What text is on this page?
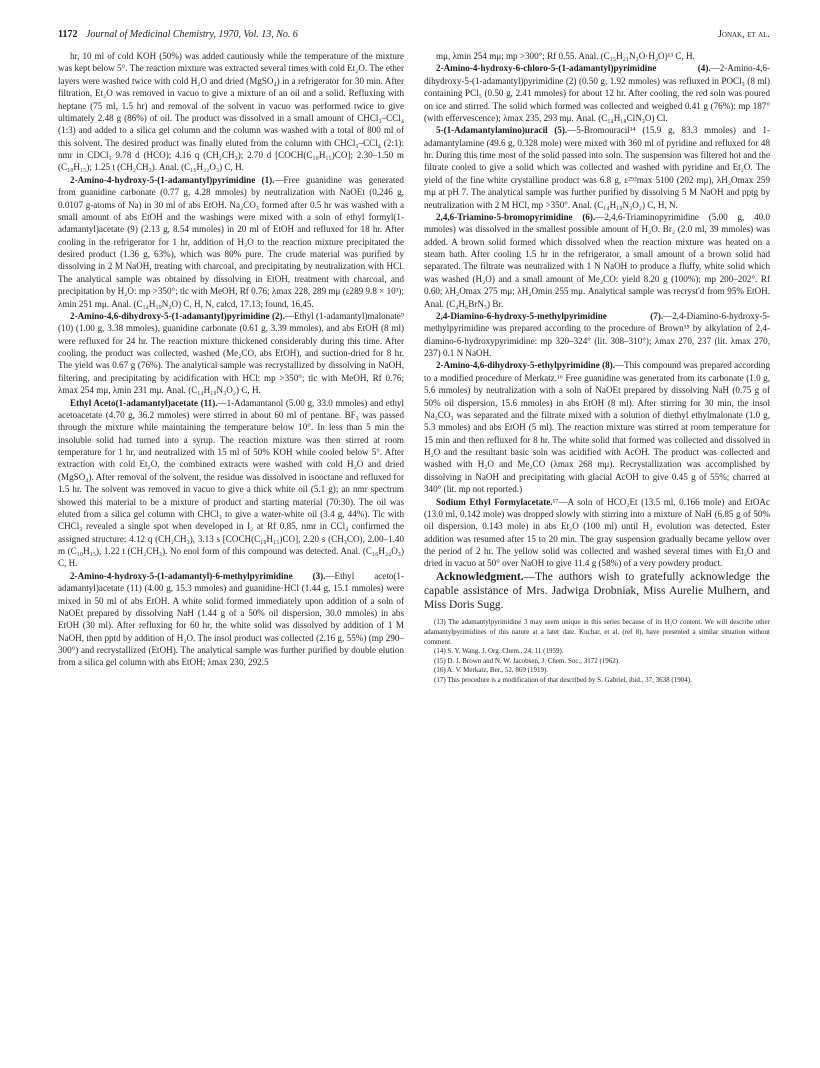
1172 Journal of Medicinal Chemistry, 1970, Vol. 13, No. 6	Jonak, et al.

hr, 10 ml of cold KOH (50%) was added cautiously while the temperature of the mixture was kept below 5°. The reaction mixture was extracted several times with cold Et₂O. The ether layers were washed twice with cold H₂O and dried (MgSO₄) in a refrigerator for 30 min. After filtration, Et₂O was removed in vacuo to give a mixture of an oil and a solid. Refluxing with heptane (75 ml, 1.5 hr) and removal of the solvent in vacuo was performed twice to give ultimately 2.48 g (86%) of oil. The product was dissolved in a small amount of CHCl₃–CCl₄ (1:3) and added to a silica gel column and the column was washed with a total of 800 ml of this solvent. The desired product was finally eluted from the column with CHCl₃–CCl₄ (2:1): nmr in CDCl₃ 9.78 d (HCO); 4.16 q (CH₂CH₃); 2.70 d [COCH(C₁₀H₁₅)CO]; 2.30–1.50 m (C₁₀H₁₅); 1.25 t (CH₂CH₃). Anal. (C₁₅H₂₂O₃) C, H.

2-Amino-4-hydroxy-5-(1-adamantyl)pyrimidine (1).—Free guanidine was generated from guanidine carbonate (0.77 g, 4.28 mmoles) by neutralization with NaOEt (0.246 g, 0.0107 g-atoms of Na) in 30 ml of abs EtOH. Na₂CO₃ formed after 0.5 hr was washed with a small amount of abs EtOH and the washings were mixed with a soln of ethyl formyl(1-adamantyl)acetate (9) (2.13 g, 8.54 mmoles) in 20 ml of EtOH and refluxed for 18 hr. After cooling in the refrigerator for 1 hr, addition of H₂O to the reaction mixture precipitated the desired product (1.36 g, 63%), which was 80% pure. The crude material was purified by dissolving in 2 M NaOH, treating with charcoal, and precipitating by neutralization with HCl. The analytical sample was obtained by dissolving in EtOH, treatment with charcoal, and precipitation by H₂O: mp >350°; tlc with MeOH, Rf 0.76; λmax 228, 289 mμ (ε289 9.8 × 10³); λmin 251 mμ. Anal. (C₁₄H₁₉N₃O) C, H, N, calcd, 17.13; found, 16.45.

2-Amino-4,6-dihydroxy-5-(1-adamantyl)pyrimidine (2).—Ethyl (1-adamantyl)malonate⁹ (10) (1.00 g, 3.38 mmoles), guanidine carbonate (0.61 g, 3.39 mmoles), and abs EtOH (8 ml) were refluxed for 24 hr. The reaction mixture thickened considerably during this time. After cooling, the product was collected, washed (Me₂CO, abs EtOH), and suction-dried for 8 hr. The yield was 0.67 g (76%). The analytical sample was recrystallized by dissolving in NaOH, filtering, and precipitating by acidification with HCl: mp >350°; tlc with MeOH, Rf 0.76; λmax 254 mμ, λmin 231 mμ. Anal. (C₁₄H₁₉N₃O₂) C, H.

Ethyl Aceto(1-adamantyl)acetate (11).—1-Adamantanol (5.00 g, 33.0 mmoles) and ethyl acetoacetate (4.70 g, 36.2 mmoles) were stirred in about 60 ml of pentane. BF₃ was passed through the mixture while maintaining the temperature below 10°. In less than 5 min the insoluble solid had turned into a syrup. The reaction mixture was then stirred at room temperature for 1 hr, and neutralized with 15 ml of 50% KOH while cooled below 5°. After extraction with cold Et₂O, the combined extracts were washed with cold H₂O and dried (MgSO₄). After removal of the solvent, the residue was dissolved in isooctane and refluxed for 1.5 hr. The solvent was removed in vacuo to give a thick white oil (5.1 g); an nmr spectrum showed this material to be a mixture of product and starting material (70:30). The oil was eluted from a silica gel column with CHCl₃ to give a water-white oil (3.4 g, 44%). Tlc with CHCl₃ revealed a single spot when developed in I₂ at Rf 0.85, nmr in CCl₄ confirmed the assigned structure: 4.12 q (CH₂CH₃), 3.13 s [COCH(C₁₀H₁₅)CO], 2.20 s (CH₃CO), 2.00–1.40 m (C₁₀H₁₅), 1.22 t (CH₂CH₃). No enol form of this compound was detected. Anal. (C₁₆H₂₄O₃) C, H.

2-Amino-4-hydroxy-5-(1-adamantyl)-6-methylpyrimidine (3).—Ethyl aceto(1-adamantyl)acetate (11) (4.00 g, 15.3 mmoles) and guanidine·HCl (1.44 g, 15.1 mmoles) were mixed in 50 ml of abs EtOH. A white solid formed immediately upon addition of a soln of NaOEt prepared by dissolving NaH (1.44 g of a 50% oil dispersion, 30.0 mmoles) in abs EtOH (30 ml). After refluxing for 60 hr, the white solid was dissolved by addition of 1 M NaOH, then pptd by addition of H₂O. The insol product was collected (2.16 g, 55%) (mp 290–300°) and recrystallized (EtOH). The analytical sample was further purified by double elution from a silica gel column with abs EtOH; λmax 230, 292.5

mμ, λmin 254 mμ; mp >300°; Rf 0.55. Anal. (C₁₅H₂₁N₃O·H₂O)¹³ C, H.

2-Amino-4-hydroxy-6-chloro-5-(1-adamantyl)pyrimidine (4).—2-Amino-4,6-dihydroxy-5-(1-adamantyl)pyrimidine (2) (0.50 g, 1.92 mmoles) was refluxed in POCl₃ (8 ml) containing PCl₅ (0.50 g, 2.41 mmoles) for about 12 hr. After cooling, the red soln was poured on ice and stirred. The solid which formed was collected and weighed 0.41 g (76%): mp 187° (with effervescence); λmax 235, 293 mμ. Anal. (C₁₄H₁₈ClN₃O) Cl.

5-(1-Adamantylamino)uracil (5).—5-Bromouracil¹⁴ (15.9 g, 83.3 mmoles) and 1-adamantylamine (49.6 g, 0.328 mole) were mixed with 360 ml of pyridine and refluxed for 48 hr. During this time most of the solid passed into soln. The suspension was filtered hot and the filtrate cooled to give a solid which was collected and washed with pyridine and Et₂O. The yield of the fine white crystalline product was 6.8 g, ε²⁹²max 5100 (202 mμ), λH₂Omax 259 mμ at pH 7. The analytical sample was further purified by dissolving 5 M NaOH and pptg by neutralization with 2 M HCl, mp >350°. Anal. (C₁₄H₁₉N₃O₂) C, H, N.

2,4,6-Triamino-5-bromopyrimidine (6).—2,4,6-Triaminopyrimidine (5.00 g, 40.0 mmoles) was dissolved in the smallest possible amount of H₂O. Br₂ (2.0 ml, 39 mmoles) was added. A brown solid formed which dissolved when the reaction mixture was heated on a steam bath. After cooling 1.5 hr in the refrigerator, a small amount of a brown solid had separated. The filtrate was neutralized with 1 N NaOH to produce a fluffy, white solid which was washed (H₂O) and a small amount of Me₂CO: yield 8.20 g (100%); mp 200–202°. Rf 0.60; λH₂Omax 275 mμ; λH₂Omin 255 mμ. Analytical sample was recryst'd from 95% EtOH. Anal. (C₄H₆BrN₅) Br.

2,4-Diamino-6-hydroxy-5-methylpyrimidine (7).—2,4-Diamino-6-hydroxy-5-methylpyrimidine was prepared according to the procedure of Brown¹⁵ by alkylation of 2,4-diamino-6-hydroxypyrimidine: mp 320–324° (lit. 308–310°); λmax 270, 237 (lit. λmax 270, 237) 0.1 N NaOH.

2-Amino-4,6-dihydroxy-5-ethylpyrimidine (8).—This compound was prepared according to a modified procedure of Merkatz.¹⁶ Free guanidine was generated from its carbonate (1.0 g, 5.6 mmoles) by neutralization with a soln of NaOEt prepared by dissolving NaH (0.75 g of 50% oil dispersion, 15.6 mmoles) in abs EtOH (8 ml). After stirring for 30 min, the insol Na₂CO₃ was separated and the filtrate mixed with a solution of diethyl ethylmalonate (1.0 g, 5.3 mmoles) and abs EtOH (5 ml). The reaction mixture was stirred at room temperature for 15 min and then refluxed for 8 hr. The white solid that formed was collected and dissolved in H₂O and the resultant basic soln was acidified with AcOH. The product was collected and washed with H₂O and Me₂CO (λmax 268 mμ). Recrystallization was accomplished by dissolving in NaOH and precipitating with glacial AcOH to give 0.45 g of 55%; charred at 340° (lit. mp not reported.)

Sodium Ethyl Formylacetate.¹⁷—A soln of HCO₂Et (13.5 ml, 0.166 mole) and EtOAc (13.0 ml, 0.142 mole) was dropped slowly with stirring into a mixture of NaH (6.85 g of 50% oil dispersion, 0.143 mole) in abs Et₂O (100 ml) until H₂ evolution was detected. Ester addition was resumed after 15 to 20 min. The gray suspension gradually became yellow over the period of 2 hr. The yellow solid was collected and washed several times with Et₂O and dried in vacuo at 50° over NaOH to give 11.4 g (58%) of a very powdery product.

Acknowledgment.—The authors wish to gratefully acknowledge the capable assistance of Mrs. Jadwiga Drobniak, Miss Aurelie Mulhern, and Miss Doris Sugg.

(13) The adamantylpyrimidine 3 may seem unique in this series because of its H₂O content. We will describe other adamantylpyrimidines of this nature at a later date. Kuchar, et al. (ref 8), have presented a similar situation without comment.

(14) S. Y. Wang, J. Org. Chem., 24, 11 (1959).

(15) D. J. Brown and N. W. Jacobsen, J. Chem. Soc., 3172 (1962).

(16) A. V. Merkatz, Ber., 52, 869 (1919).

(17) This procedure is a modification of that described by S. Gabriel, ibid., 37, 3638 (1904).
